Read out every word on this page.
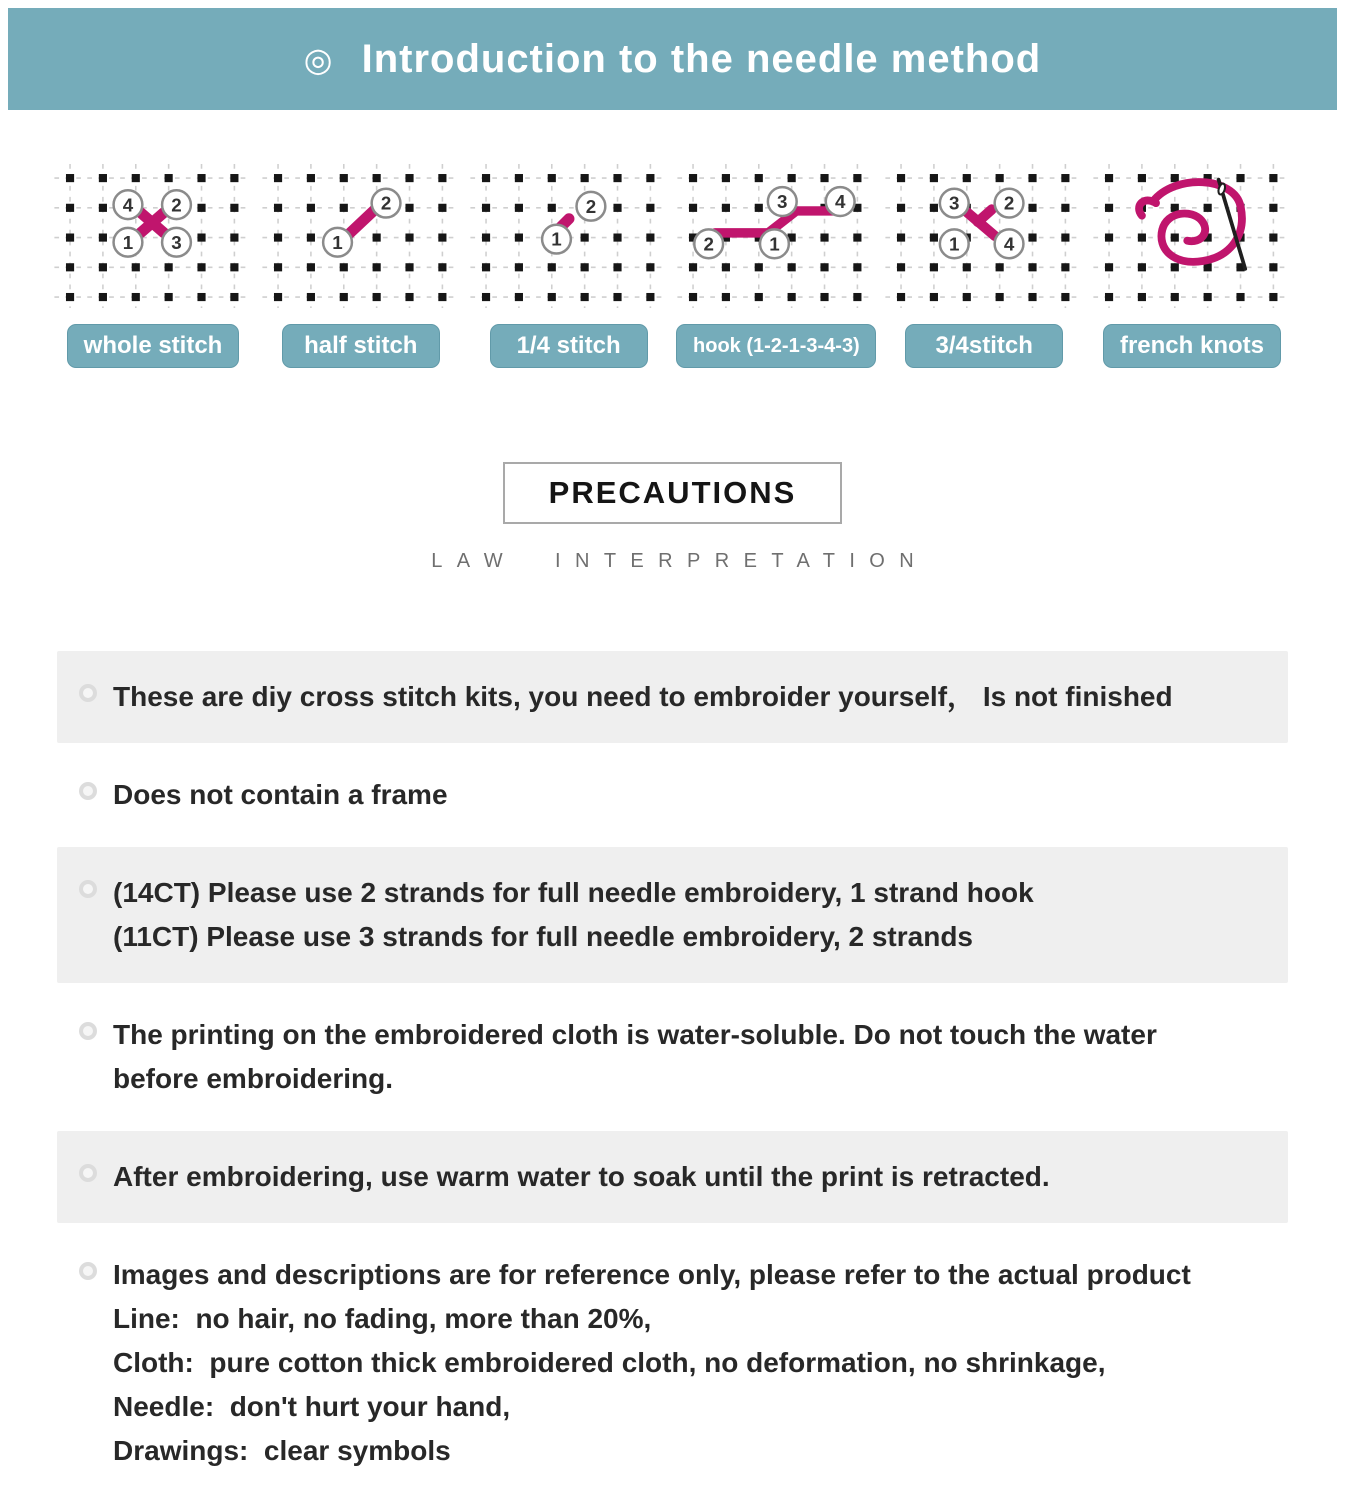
◎ Introduction to the needle method
4	2
1	3
whole stitch
1
2
half stitch
1
2
1/4 stitch
2	1
3	4
hook (1-2-1-3-4-3)
3	2
1	4
3/4stitch	french knots
PRECAUTIONS
LAW INTERPRETATION
These are diy cross stitch kits, you need to embroider yourself， Is not finished
Does not contain a frame
(14CT) Please use 2 strands for full needle embroidery, 1 strand hook
(11CT) Please use 3 strands for full needle embroidery, 2 strands
The printing on the embroidered cloth is water-soluble. Do not touch the water
before embroidering.
After embroidering, use warm water to soak until the print is retracted.
Images and descriptions are for reference only, please refer to the actual product
Line:  no hair, no fading, more than 20%,
Cloth:  pure cotton thick embroidered cloth, no deformation, no shrinkage,
Needle:  don't hurt your hand,
Drawings:  clear symbols
